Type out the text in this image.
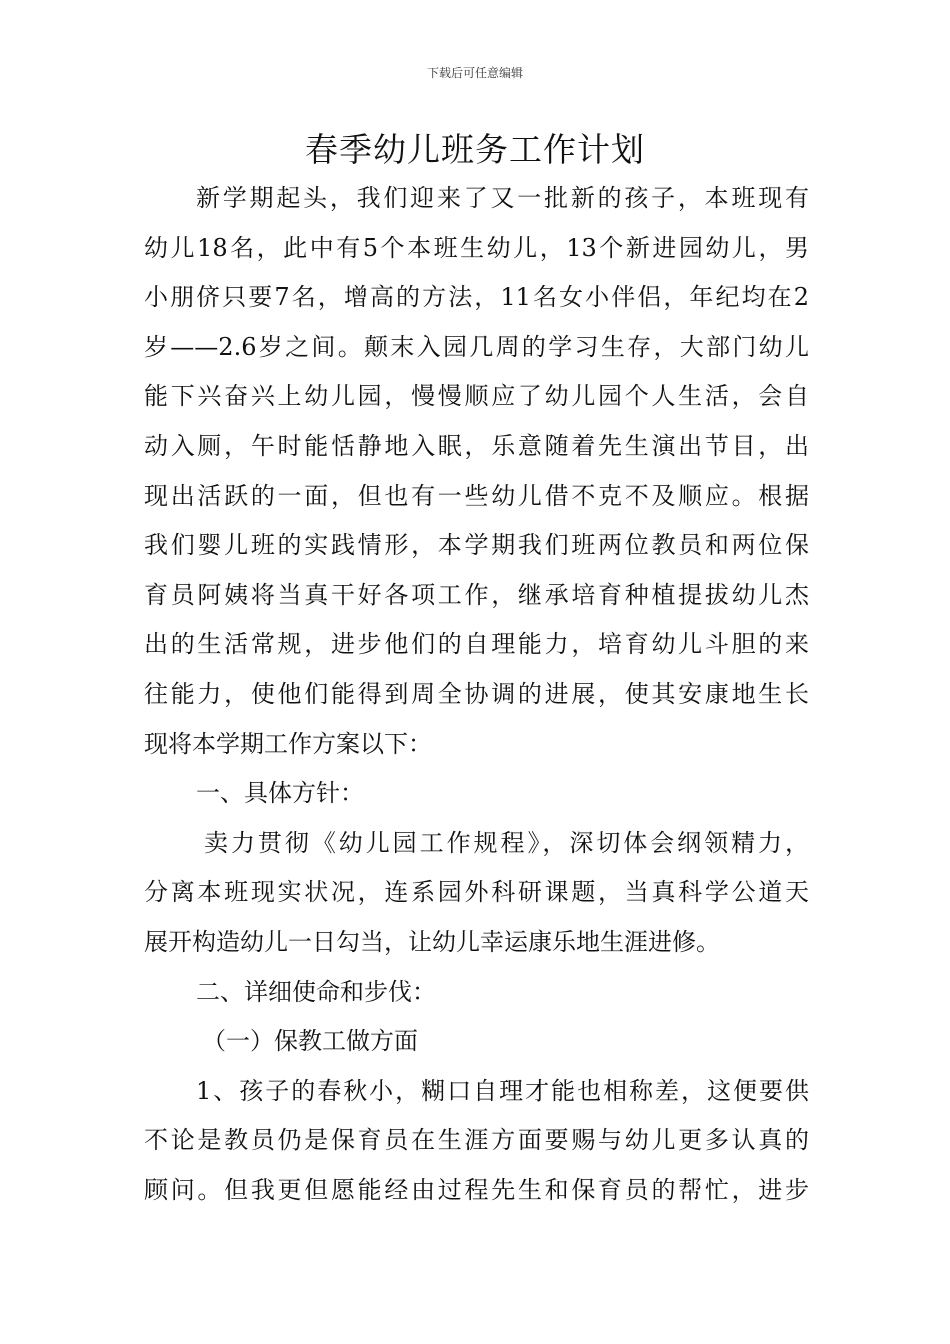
下载后可任意编辑
春季幼儿班务工作计划
新学期起头，我们迎来了又一批新的孩子，本班现有
幼儿18名，此中有5个本班生幼儿，13个新进园幼儿，男
小朋侪只要7名，增高的方法，11名女小伴侣，年纪均在2
岁——2.6岁之间。颠末入园几周的学习生存，大部门幼儿
能下兴奋兴上幼儿园，慢慢顺应了幼儿园个人生活，会自
动入厕，午时能恬静地入眠，乐意随着先生演出节目，出
现出活跃的一面，但也有一些幼儿借不克不及顺应。根据
我们婴儿班的实践情形，本学期我们班两位教员和两位保
育员阿姨将当真干好各项工作，继承培育种植提拔幼儿杰
出的生活常规，进步他们的自理能力，培育幼儿斗胆的来
往能力，使他们能得到周全协调的进展，使其安康地生长
现将本学期工作方案以下：
一、具体方针：
卖力贯彻《幼儿园工作规程》，深切体会纲领精力，
分离本班现实状况，连系园外科研课题，当真科学公道天
展开构造幼儿一日勾当，让幼儿幸运康乐地生涯进修。
二、详细使命和步伐：
（一）保教工做方面
1、孩子的春秋小，糊口自理才能也相称差，这便要供
不论是教员仍是保育员在生涯方面要赐与幼儿更多认真的
顾问。但我更但愿能经由过程先生和保育员的帮忙，进步
